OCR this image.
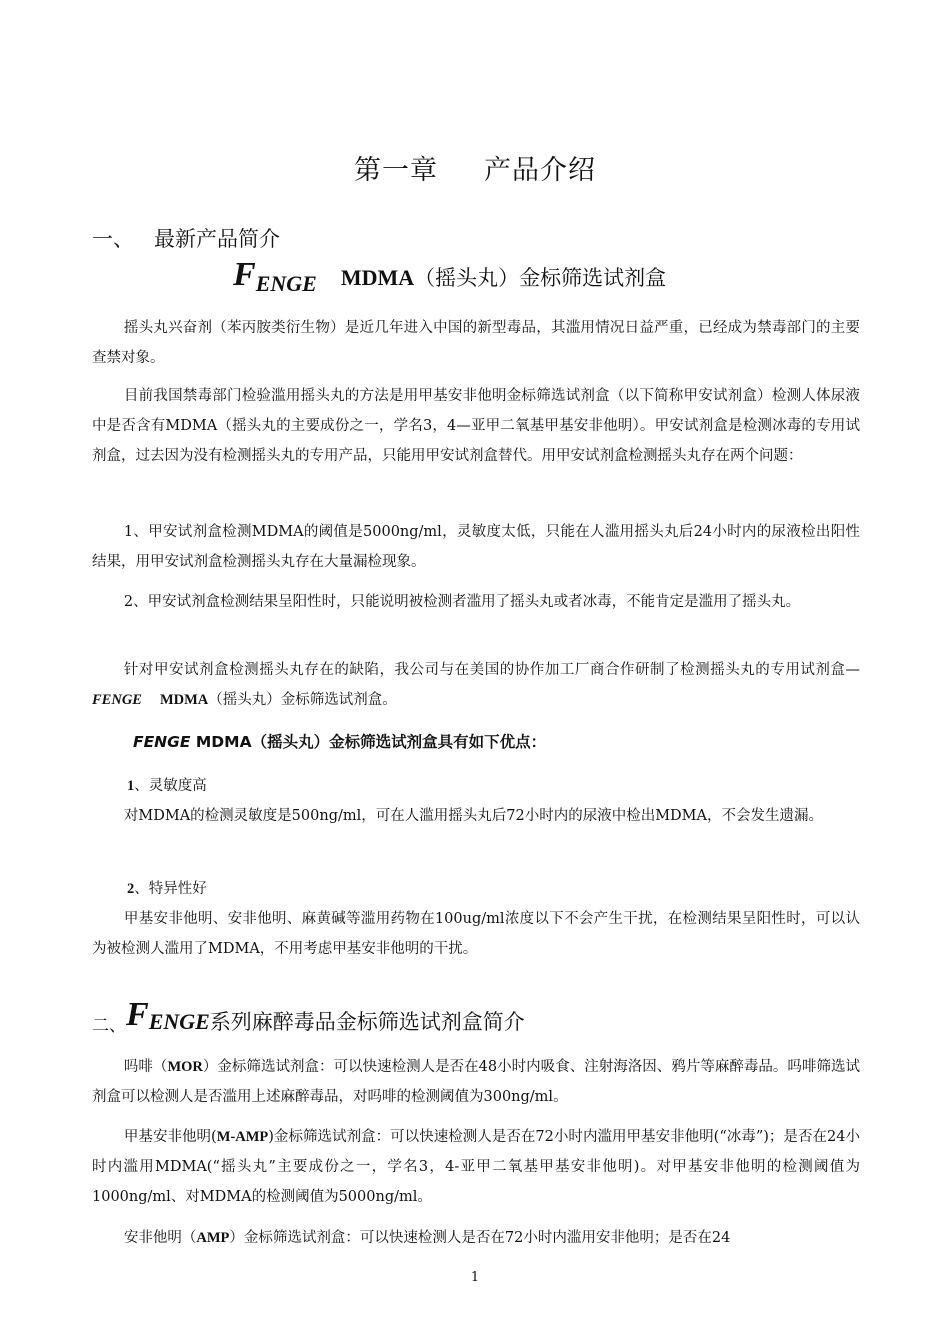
第一章 产品介绍
一、 最新产品简介
FENGE MDMA（摇头丸）金标筛选试剂盒

摇头丸兴奋剂（苯丙胺类衍生物）是近几年进入中国的新型毒品，其滥用情况日益严重，已经成为禁毒部门的主要查禁对象。

目前我国禁毒部门检验滥用摇头丸的方法是用甲基安非他明金标筛选试剂盒（以下简称甲安试剂盒）检测人体尿液中是否含有MDMA（摇头丸的主要成份之一，学名3，4—亚甲二氧基甲基安非他明）。甲安试剂盒是检测冰毒的专用试剂盒，过去因为没有检测摇头丸的专用产品，只能用甲安试剂盒替代。用甲安试剂盒检测摇头丸存在两个问题：

1、甲安试剂盒检测MDMA的阈值是5000ng/ml，灵敏度太低，只能在人滥用摇头丸后24小时内的尿液检出阳性结果，用甲安试剂盒检测摇头丸存在大量漏检现象。

2、甲安试剂盒检测结果呈阳性时，只能说明被检测者滥用了摇头丸或者冰毒，不能肯定是滥用了摇头丸。

针对甲安试剂盒检测摇头丸存在的缺陷，我公司与在美国的协作加工厂商合作研制了检测摇头丸的专用试剂盒—FENGE MDMA（摇头丸）金标筛选试剂盒。

FENGE MDMA（摇头丸）金标筛选试剂盒具有如下优点：
1、灵敏度高

对MDMA的检测灵敏度是500ng/ml，可在人滥用摇头丸后72小时内的尿液中检出MDMA，不会发生遗漏。

2、特异性好

甲基安非他明、安非他明、麻黄碱等滥用药物在100ug/ml浓度以下不会产生干扰，在检测结果呈阳性时，可以认为被检测人滥用了MDMA，不用考虑甲基安非他明的干扰。

二、FENGE系列麻醉毒品金标筛选试剂盒简介

吗啡（MOR）金标筛选试剂盒：可以快速检测人是否在48小时内吸食、注射海洛因、鸦片等麻醉毒品。吗啡筛选试剂盒可以检测人是否滥用上述麻醉毒品，对吗啡的检测阈值为300ng/ml。

甲基安非他明(M-AMP)金标筛选试剂盒：可以快速检测人是否在72小时内滥用甲基安非他明(“冰毒”)；是否在24小时内滥用MDMA(“摇头丸”主要成份之一，学名3，4-亚甲二氧基甲基安非他明)。对甲基安非他明的检测阈值为1000ng/ml、对MDMA的检测阈值为5000ng/ml。

安非他明（AMP）金标筛选试剂盒：可以快速检测人是否在72小时内滥用安非他明；是否在24

1
